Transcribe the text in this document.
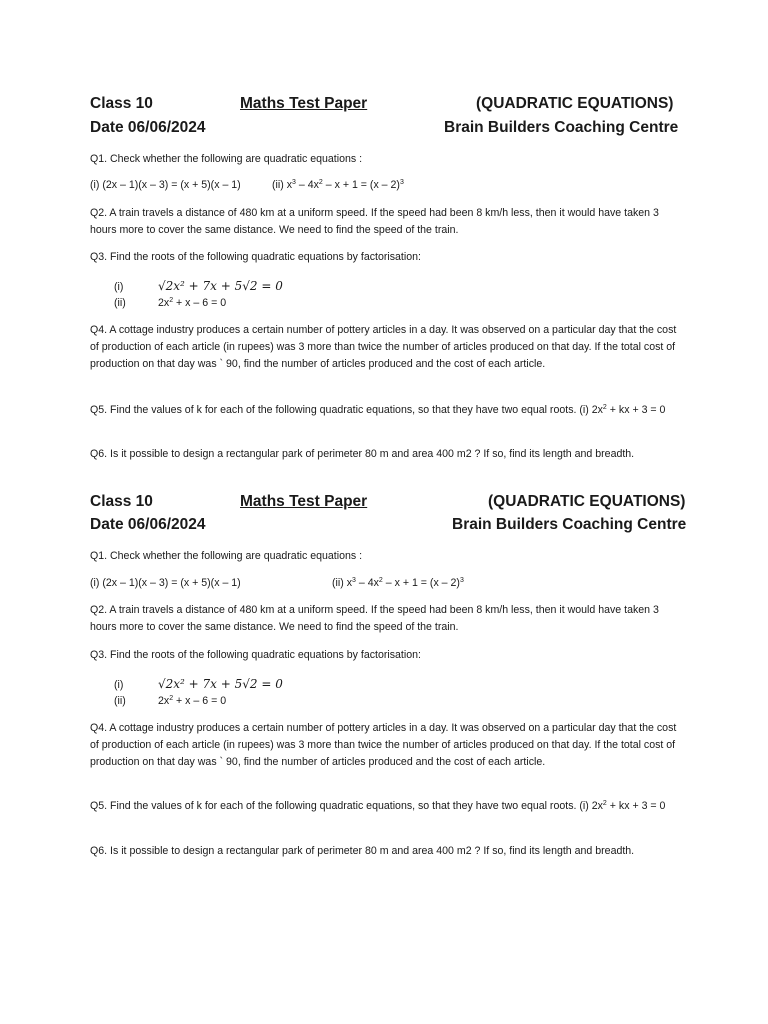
Class 10	Maths Test Paper	(QUADRATIC EQUATIONS)
Date 06/06/2024	Brain Builders Coaching Centre
Q1. Check whether the following are quadratic equations :
(i) (2x – 1)(x – 3) = (x + 5)(x – 1)	(ii) $x^3 - 4x^2 - x + 1 = (x - 2)^3$
Q2. A train travels a distance of 480 km at a uniform speed. If the speed had been 8 km/h less, then it would have taken 3 hours more to cover the same distance. We need to find the speed of the train.
Q3. Find the roots of the following quadratic equations by factorisation:
(i)	√2x² + 7x + 5√2 = 0
(ii)	$2x^2 + x - 6 = 0$
Q4. A cottage industry produces a certain number of pottery articles in a day. It was observed on a particular day that the cost of production of each article (in rupees) was 3 more than twice the number of articles produced on that day. If the total cost of production on that day was ` 90, find the number of articles produced and the cost of each article.
Q5. Find the values of k for each of the following quadratic equations, so that they have two equal roots. (i) $2x^2$ + kx + 3 = 0
Q6. Is it possible to design a rectangular park of perimeter 80 m and area 400 m2 ? If so, find its length and breadth.
Class 10	Maths Test Paper	(QUADRATIC EQUATIONS)
Date 06/06/2024	Brain Builders Coaching Centre
Q1. Check whether the following are quadratic equations :
(i) (2x – 1)(x – 3) = (x + 5)(x – 1)	(ii) $x^3 - 4x^2 - x + 1 = (x - 2)^3$
Q2. A train travels a distance of 480 km at a uniform speed. If the speed had been 8 km/h less, then it would have taken 3 hours more to cover the same distance. We need to find the speed of the train.
Q3. Find the roots of the following quadratic equations by factorisation:
(i)	√2x² + 7x + 5√2 = 0
(ii)	$2x^2 + x - 6 = 0$
Q4. A cottage industry produces a certain number of pottery articles in a day. It was observed on a particular day that the cost of production of each article (in rupees) was 3 more than twice the number of articles produced on that day. If the total cost of production on that day was ` 90, find the number of articles produced and the cost of each article.
Q5. Find the values of k for each of the following quadratic equations, so that they have two equal roots. (i) $2x^2$ + kx + 3 = 0
Q6. Is it possible to design a rectangular park of perimeter 80 m and area 400 m2 ? If so, find its length and breadth.
